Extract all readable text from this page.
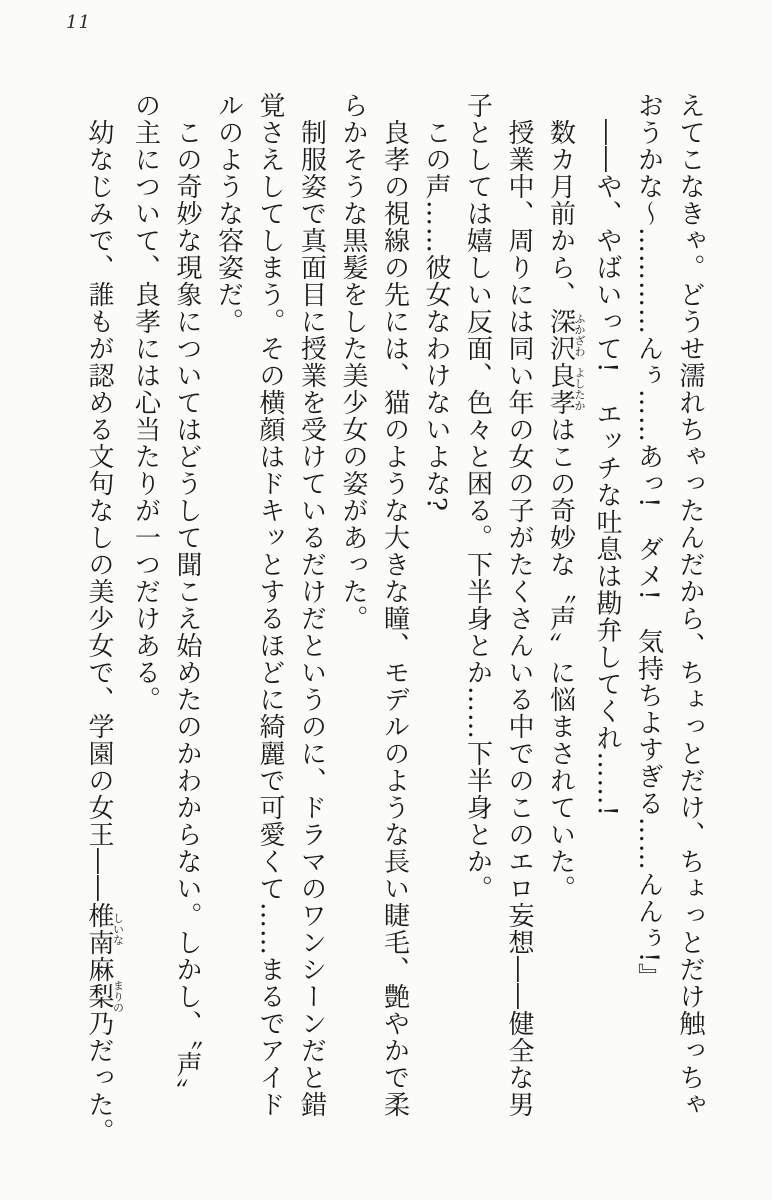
11
えてこなきゃ。どうせ濡れちゃったんだから、ちょっとだけ、ちょっとだけ触っちゃ
おうかな〜…………んぅ……あっ!　ダメ!　気持ちよすぎる……んんぅ!』
――や、やばいって!　エッチな吐息は勘弁してくれ……!
数カ月前から、深沢ふかざわ良孝よしたかはこの奇妙な〝声〟に悩まされていた。
授業中、周りには同い年の女の子がたくさんいる中でのこのエロ妄想――健全な男
子としては嬉しい反面、色々と困る。下半身とか……下半身とか。
この声……彼女なわけないよな?
良孝の視線の先には、猫のような大きな瞳、モデルのような長い睫毛、艶やかで柔
らかそうな黒髪をした美少女の姿があった。
制服姿で真面目に授業を受けているだけだというのに、ドラマのワンシーンだと錯
覚さえしてしまう。その横顔はドキッとするほどに綺麗で可愛くて……まるでアイド
ルのような容姿だ。
この奇妙な現象についてはどうして聞こえ始めたのかわからない。しかし、〝声〟
の主について、良孝には心当たりが一つだけある。
幼なじみで、誰もが認める文句なしの美少女で、学園の女王――椎南しいな麻梨乃まりのだった。
